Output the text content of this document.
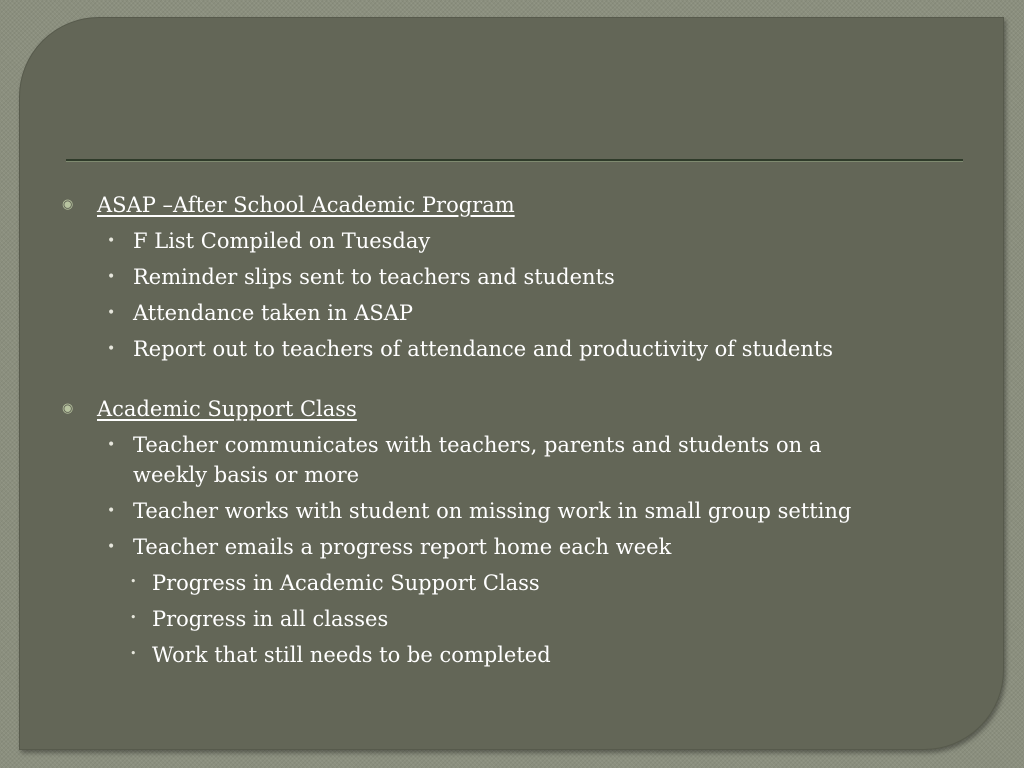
◉	ASAP –After School Academic Program
• F List Compiled on Tuesday
• Reminder slips sent to teachers and students
• Attendance taken in ASAP
• Report out to teachers of attendance and productivity of students
◉	Academic Support Class
• Teacher communicates with teachers, parents and students on a weekly basis or more
• Teacher works with student on missing work in small group setting
• Teacher emails a progress report home each week
• Progress in Academic Support Class
• Progress in all classes
• Work that still needs to be completed
